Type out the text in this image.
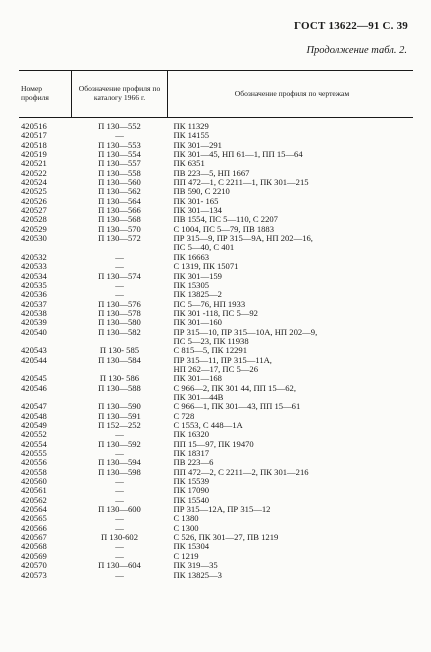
ГОСТ 13622—91 С. 39
Продолжение табл. 2.
Номер профиля	Обозначение профиля по каталогу 1966 г.	Обозначение профиля по чертежам

420516	П 130—552	ПК 11329
420517	—	ПК 14155
420518	П 130—553	ПК 301—291
420519	П 130—554	ПК 301—45, НП 61—1, ПП 15—64
420521	П 130—557	ПК 6351
420522	П 130—558	ПВ 223—5, НП 1667
420524	П 130—560	ПП 472—1, С 2211—1, ПК 301—215
420525	П 130—562	ПВ 590, С 2210
420526	П 130—564	ПК 301- 165
420527	П 130—566	ПК 301—134
420528	П 130—568	ПВ 1554, ПС 5—110, С 2207
420529	П 130—570	С 1004, ПС 5—79, ПВ 1883
420530	П 130—572	ПР 315—9, ПР 315—9А, НП 202—16,
		ПС 5—40, С 401
420532	—	ПК 16663
420533	—	С 1319, ПК 15071
420534	П 130—574	ПК 301—159
420535	—	ПК 15305
420536	—	ПК 13825—2
420537	П 130—576	ПС 5—76, НП 1933
420538	П 130—578	ПК 301 -118, ПС 5—92
420539	П 130—580	ПК 301—160
420540	П 130—582	ПР 315—10, ПР 315—10А, НП 202—9,
		ПС 5—23, ПК 11938
420543	П 130- 585	С 815—5, ПК 12291
420544	П 130—584	ПР 315—11, ПР 315—11А,
		НП 262—17, ПС 5—26
420545	П 130- 586	ПК 301—168
420546	П 130—588	С 966—2, ПК 301 44, ПП 15—62,
		ПК 301—44В
420547	П 130—590	С 966—1, ПК 301—43, ПП 15—61
420548	П 130—591	С 728
420549	П 152—252	С 1553, С 448—1А
420552	—	ПК 16320
420554	П 130—592	ПП 15—97, ПК 19470
420555	—	ПК 18317
420556	П 130—594	ПВ 223—6
420558	П 130—598	ПП 472—2, С 2211—2, ПК 301—216
420560	—	ПК 15539
420561	—	ПК 17090
420562	—	ПК 15540
420564	П 130—600	ПР 315—12А, ПР 315—12
420565	—	С 1380
420566	—	С 1300
420567	П 130-602	С 526, ПК 301—27, ПВ 1219
420568	—	ПК 15304
420569	—	С 1219
420570	П 130—604	ПК 319—35
420573	—	ПК 13825—3
